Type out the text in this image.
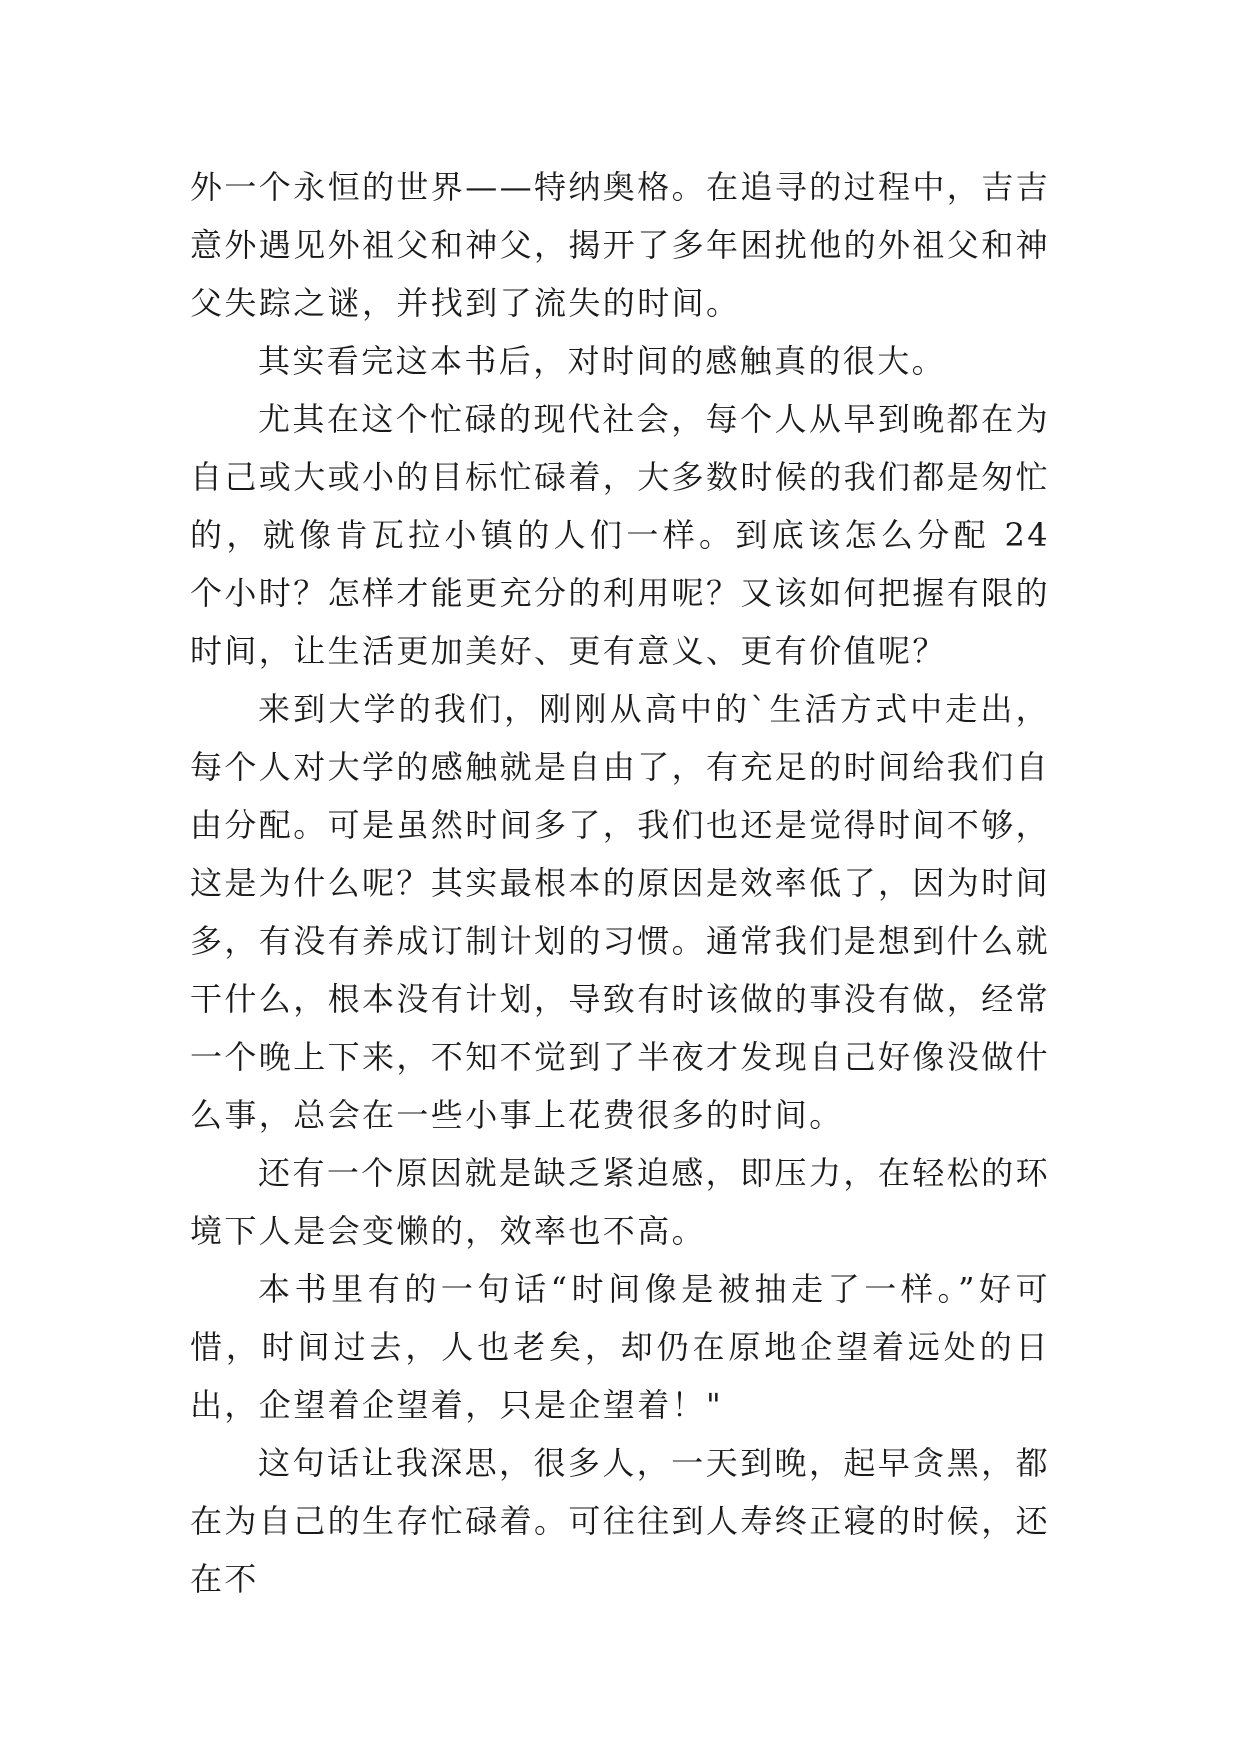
外一个永恒的世界——特纳奥格。在追寻的过程中，吉吉意外遇见外祖父和神父，揭开了多年困扰他的外祖父和神父失踪之谜，并找到了流失的时间。

其实看完这本书后，对时间的感触真的很大。

尤其在这个忙碌的现代社会，每个人从早到晚都在为自己或大或小的目标忙碌着，大多数时候的我们都是匆忙的，就像肯瓦拉小镇的人们一样。到底该怎么分配 24 个小时？怎样才能更充分的利用呢？又该如何把握有限的时间，让生活更加美好、更有意义、更有价值呢？

来到大学的我们，刚刚从高中的`生活方式中走出，每个人对大学的感触就是自由了，有充足的时间给我们自由分配。可是虽然时间多了，我们也还是觉得时间不够，这是为什么呢？其实最根本的原因是效率低了，因为时间多，有没有养成订制计划的习惯。通常我们是想到什么就干什么，根本没有计划，导致有时该做的事没有做，经常一个晚上下来，不知不觉到了半夜才发现自己好像没做什么事，总会在一些小事上花费很多的时间。

还有一个原因就是缺乏紧迫感，即压力，在轻松的环境下人是会变懒的，效率也不高。

本书里有的一句话“时间像是被抽走了一样。”好可惜，时间过去，人也老矣，却仍在原地企望着远处的日出，企望着企望着，只是企望着！"

这句话让我深思，很多人，一天到晚，起早贪黑，都在为自己的生存忙碌着。可往往到人寿终正寝的时候，还在不
